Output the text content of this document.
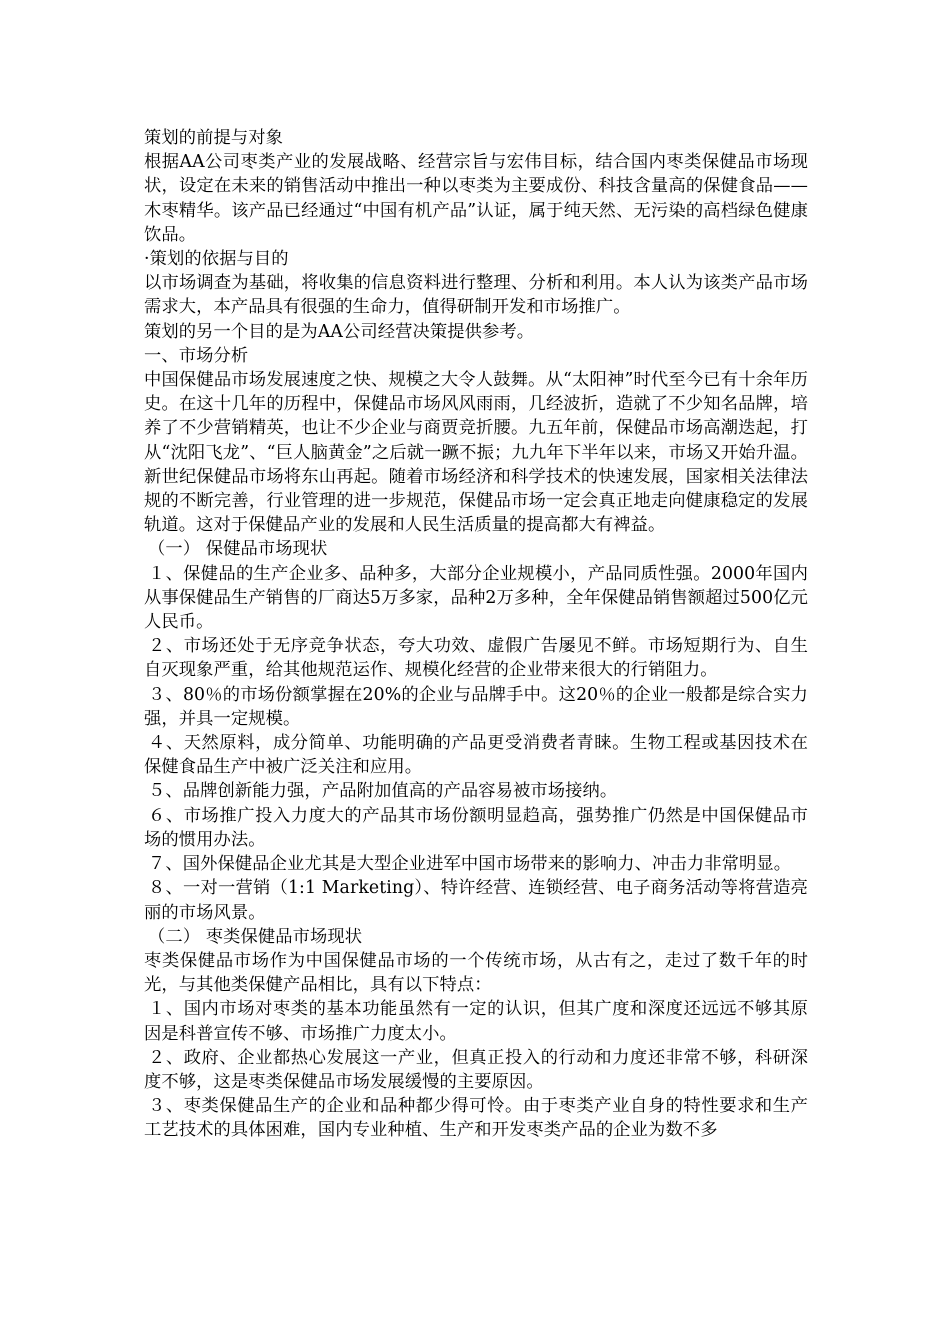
策划的前提与对象

根据AA公司枣类产业的发展战略、经营宗旨与宏伟目标，结合国内枣类保健品市场现状，设定在未来的销售活动中推出一种以枣类为主要成份、科技含量高的保健食品——木枣精华。该产品已经通过“中国有机产品”认证，属于纯天然、无污染的高档绿色健康饮品。

·策划的依据与目的

以市场调查为基础，将收集的信息资料进行整理、分析和利用。本人认为该类产品市场需求大，本产品具有很强的生命力，值得研制开发和市场推广。

策划的另一个目的是为AA公司经营决策提供参考。

一、市场分析

中国保健品市场发展速度之快、规模之大令人鼓舞。从“太阳神”时代至今已有十余年历史。在这十几年的历程中，保健品市场风风雨雨，几经波折，造就了不少知名品牌，培养了不少营销精英，也让不少企业与商贾竞折腰。九五年前，保健品市场高潮迭起，打从“沈阳飞龙”、“巨人脑黄金”之后就一蹶不振；九九年下半年以来，市场又开始升温。新世纪保健品市场将东山再起。随着市场经济和科学技术的快速发展，国家相关法律法规的不断完善，行业管理的进一步规范，保健品市场一定会真正地走向健康稳定的发展轨道。这对于保健品产业的发展和人民生活质量的提高都大有裨益。

（一） 保健品市场现状

１、保健品的生产企业多、品种多，大部分企业规模小，产品同质性强。2000年国内从事保健品生产销售的厂商达5万多家，品种2万多种，全年保健品销售额超过500亿元人民币。

２、市场还处于无序竞争状态，夸大功效、虚假广告屡见不鲜。市场短期行为、自生自灭现象严重，给其他规范运作、规模化经营的企业带来很大的行销阻力。

３、80％的市场份额掌握在20%的企业与品牌手中。这20％的企业一般都是综合实力强，并具一定规模。

４、天然原料，成分简单、功能明确的产品更受消费者青睐。生物工程或基因技术在保健食品生产中被广泛关注和应用。

５、品牌创新能力强，产品附加值高的产品容易被市场接纳。

６、市场推广投入力度大的产品其市场份额明显趋高，强势推广仍然是中国保健品市场的惯用办法。

７、国外保健品企业尤其是大型企业进军中国市场带来的影响力、冲击力非常明显。

８、一对一营销（1:1 Marketing）、特许经营、连锁经营、电子商务活动等将营造亮丽的市场风景。

（二） 枣类保健品市场现状

枣类保健品市场作为中国保健品市场的一个传统市场，从古有之，走过了数千年的时光，与其他类保健产品相比，具有以下特点：

１、国内市场对枣类的基本功能虽然有一定的认识，但其广度和深度还远远不够其原因是科普宣传不够、市场推广力度太小。

２、政府、企业都热心发展这一产业，但真正投入的行动和力度还非常不够，科研深度不够，这是枣类保健品市场发展缓慢的主要原因。

３、枣类保健品生产的企业和品种都少得可怜。由于枣类产业自身的特性要求和生产工艺技术的具体困难，国内专业种植、生产和开发枣类产品的企业为数不多
